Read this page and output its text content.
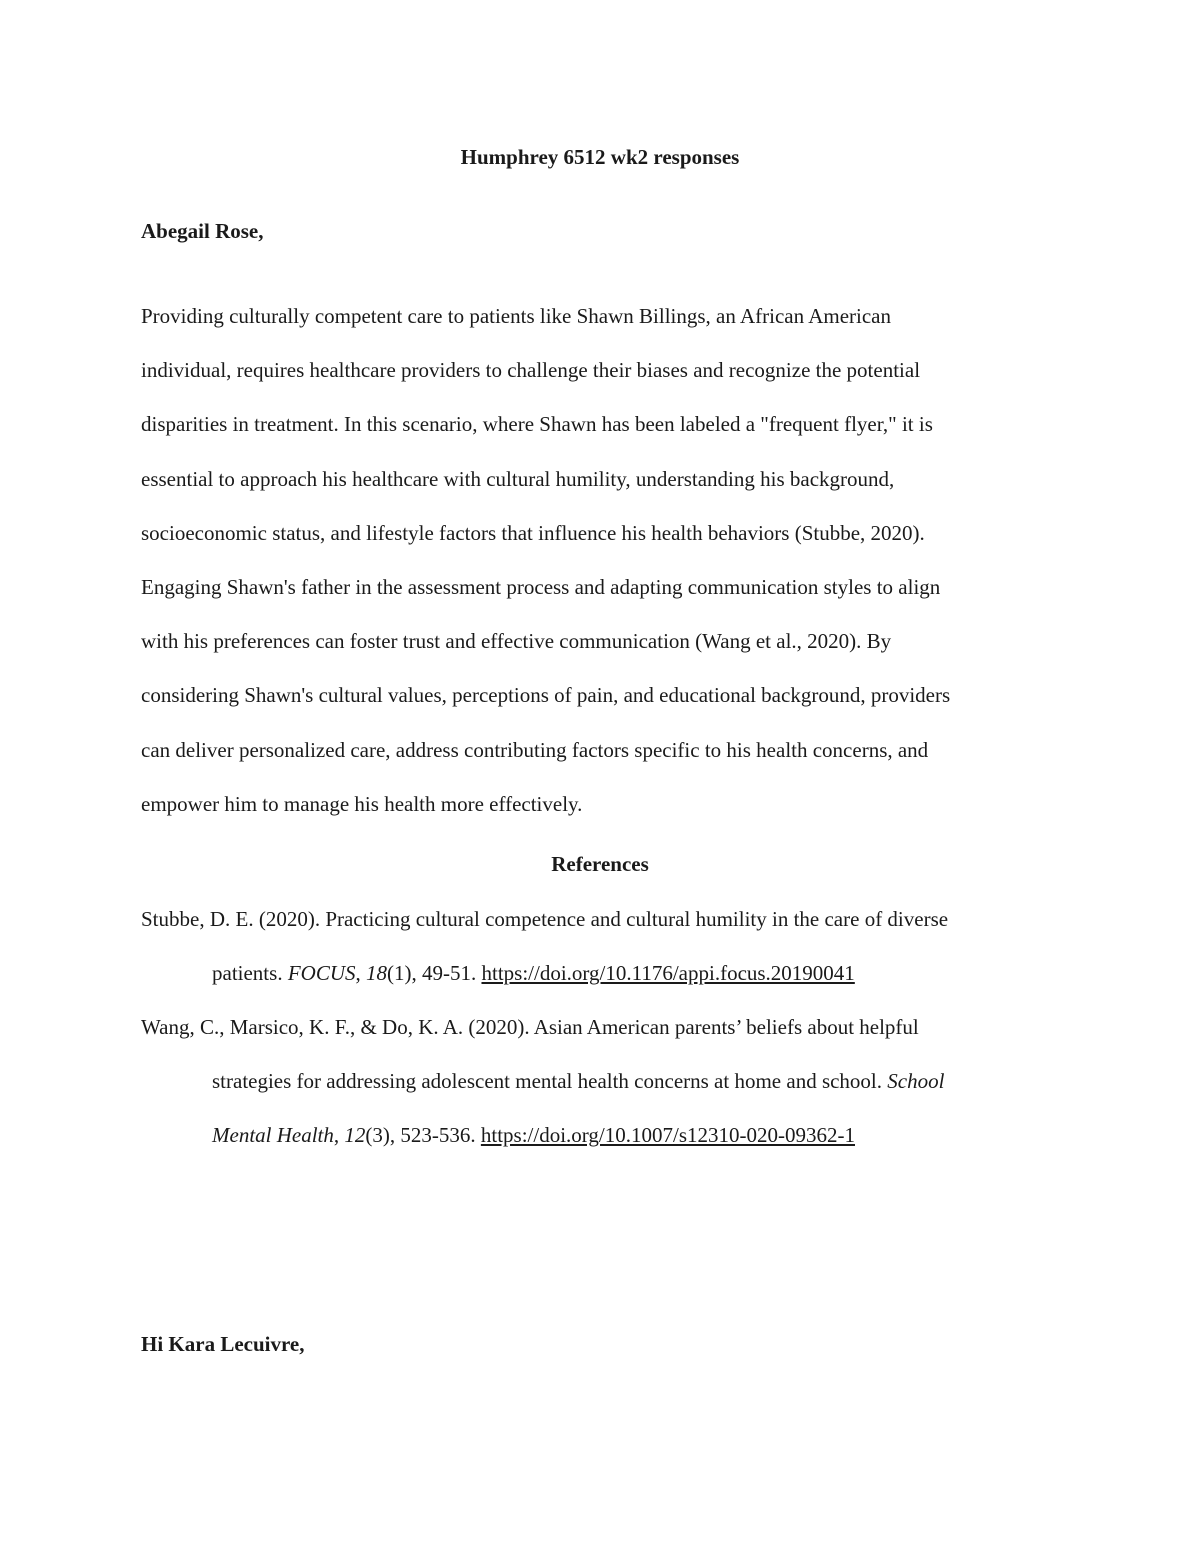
Humphrey 6512 wk2 responses

Abegail Rose,

Providing culturally competent care to patients like Shawn Billings, an African American
individual, requires healthcare providers to challenge their biases and recognize the potential
disparities in treatment. In this scenario, where Shawn has been labeled a "frequent flyer," it is
essential to approach his healthcare with cultural humility, understanding his background,
socioeconomic status, and lifestyle factors that influence his health behaviors (Stubbe, 2020).
Engaging Shawn's father in the assessment process and adapting communication styles to align
with his preferences can foster trust and effective communication (Wang et al., 2020). By
considering Shawn's cultural values, perceptions of pain, and educational background, providers
can deliver personalized care, address contributing factors specific to his health concerns, and
empower him to manage his health more effectively.

References

Stubbe, D. E. (2020). Practicing cultural competence and cultural humility in the care of diverse
patients. FOCUS, 18(1), 49-51. https://doi.org/10.1176/appi.focus.20190041

Wang, C., Marsico, K. F., & Do, K. A. (2020). Asian American parents’ beliefs about helpful
strategies for addressing adolescent mental health concerns at home and school. School
Mental Health, 12(3), 523-536. https://doi.org/10.1007/s12310-020-09362-1

Hi Kara Lecuivre,
